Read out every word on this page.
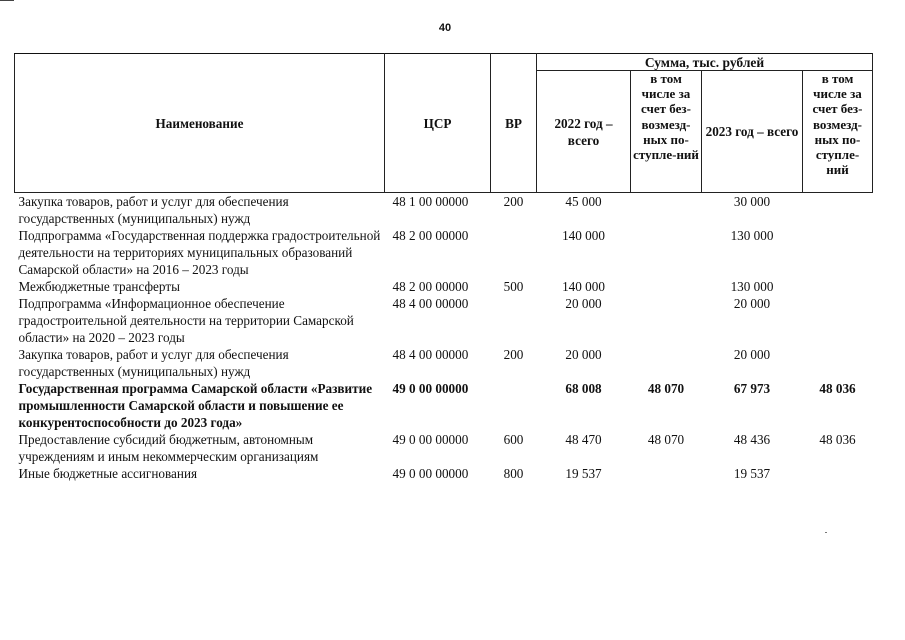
40
Наименование	ЦСР	ВР	Сумма, тыс. рублей			
			2022 год – всего	в том числе за счет без-возмезд-ных по-ступле-ний	2023 год – всего	в том числе за счет без-возмезд-ных по-ступле-ний
Закупка товаров, работ и услуг для обеспечения государственных (муниципальных) нужд	48 1 00 00000	200	45 000		30 000	
Подпрограмма «Государственная поддержка градостроительной деятельности на территориях муниципальных образований Самарской области» на 2016 – 2023 годы	48 2 00 00000		140 000		130 000	
Межбюджетные трансферты	48 2 00 00000	500	140 000		130 000	
Подпрограмма «Информационное обеспечение градостроительной деятельности на территории Самарской области» на 2020 – 2023 годы	48 4 00 00000		20 000		20 000	
Закупка товаров, работ и услуг для обеспечения государственных (муниципальных) нужд	48 4 00 00000	200	20 000		20 000	
Государственная программа Самарской области «Развитие промышленности Самарской области и повышение ее конкурентоспособности до 2023 года»	49 0 00 00000		68 008	48 070	67 973	48 036
Предоставление субсидий бюджетным, автономным учреждениям и иным некоммерческим организациям	49 0 00 00000	600	48 470	48 070	48 436	48 036
Иные бюджетные ассигнования	49 0 00 00000	800	19 537		19 537	
